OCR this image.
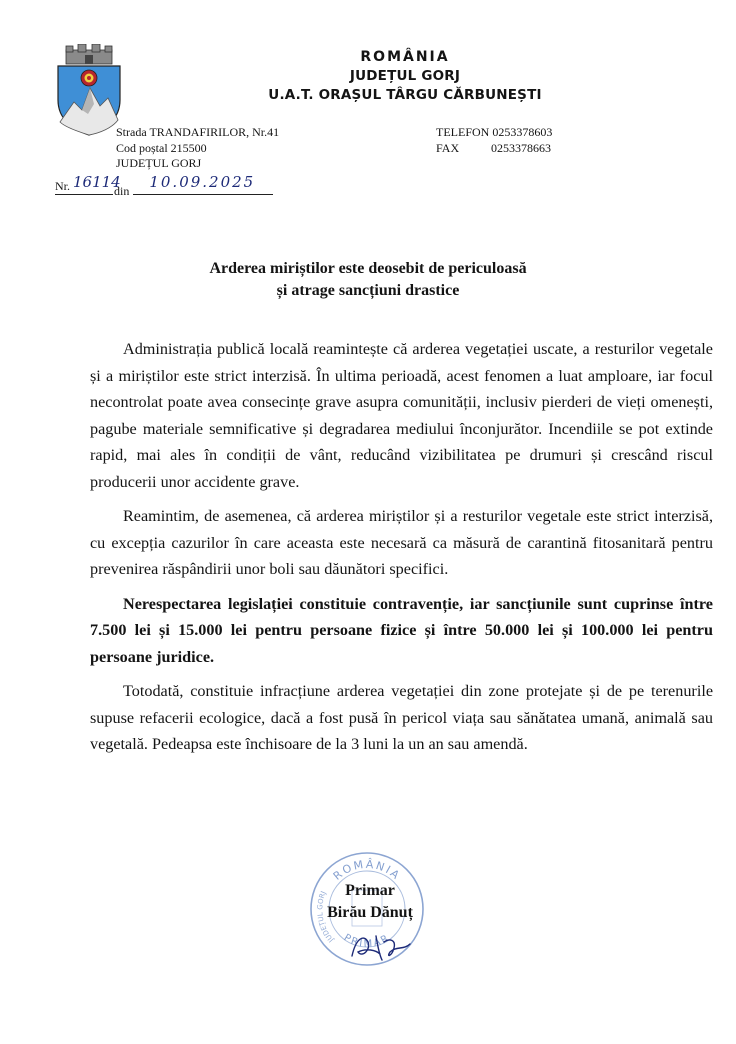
ROMÂNIA
JUDEȚUL GORJ
U.A.T. ORAȘUL TÂRGU CĂRBUNEȘTI
Strada TRANDAFIRILOR, Nr.41
Cod poștal 215500
JUDEȚUL GORJ
TELEFON 0253378603
FAX	0253378663
Nr. 16114
din 10.09.2025
Arderea miriștilor este deosebit de periculoasă
și atrage sancțiuni drastice

Administrația publică locală reamintește că arderea vegetației uscate, a resturilor vegetale și a miriștilor este strict interzisă. În ultima perioadă, acest fenomen a luat amploare, iar focul necontrolat poate avea consecințe grave asupra comunității, inclusiv pierderi de vieți omenești, pagube materiale semnificative și degradarea mediului înconjurător. Incendiile se pot extinde rapid, mai ales în condiții de vânt, reducând vizibilitatea pe drumuri și crescând riscul producerii unor accidente grave.

Reamintim, de asemenea, că arderea miriștilor și a resturilor vegetale este strict interzisă, cu excepția cazurilor în care aceasta este necesară ca măsură de carantină fitosanitară pentru prevenirea răspândirii unor boli sau dăunători specifici.

Nerespectarea legislației constituie contravenție, iar sancțiunile sunt cuprinse între 7.500 lei și 15.000 lei pentru persoane fizice și între 50.000 lei și 100.000 lei pentru persoane juridice.

Totodată, constituie infracțiune arderea vegetației din zone protejate și de pe terenurile supuse refacerii ecologice, dacă a fost pusă în pericol viața sau sănătatea umană, animală sau vegetală. Pedeapsa este închisoare de la 3 luni la un an sau amendă.

ROMÂNIA
PRIMAR
JUDEȚUL GORJ	Primar
Birău Dănuț
